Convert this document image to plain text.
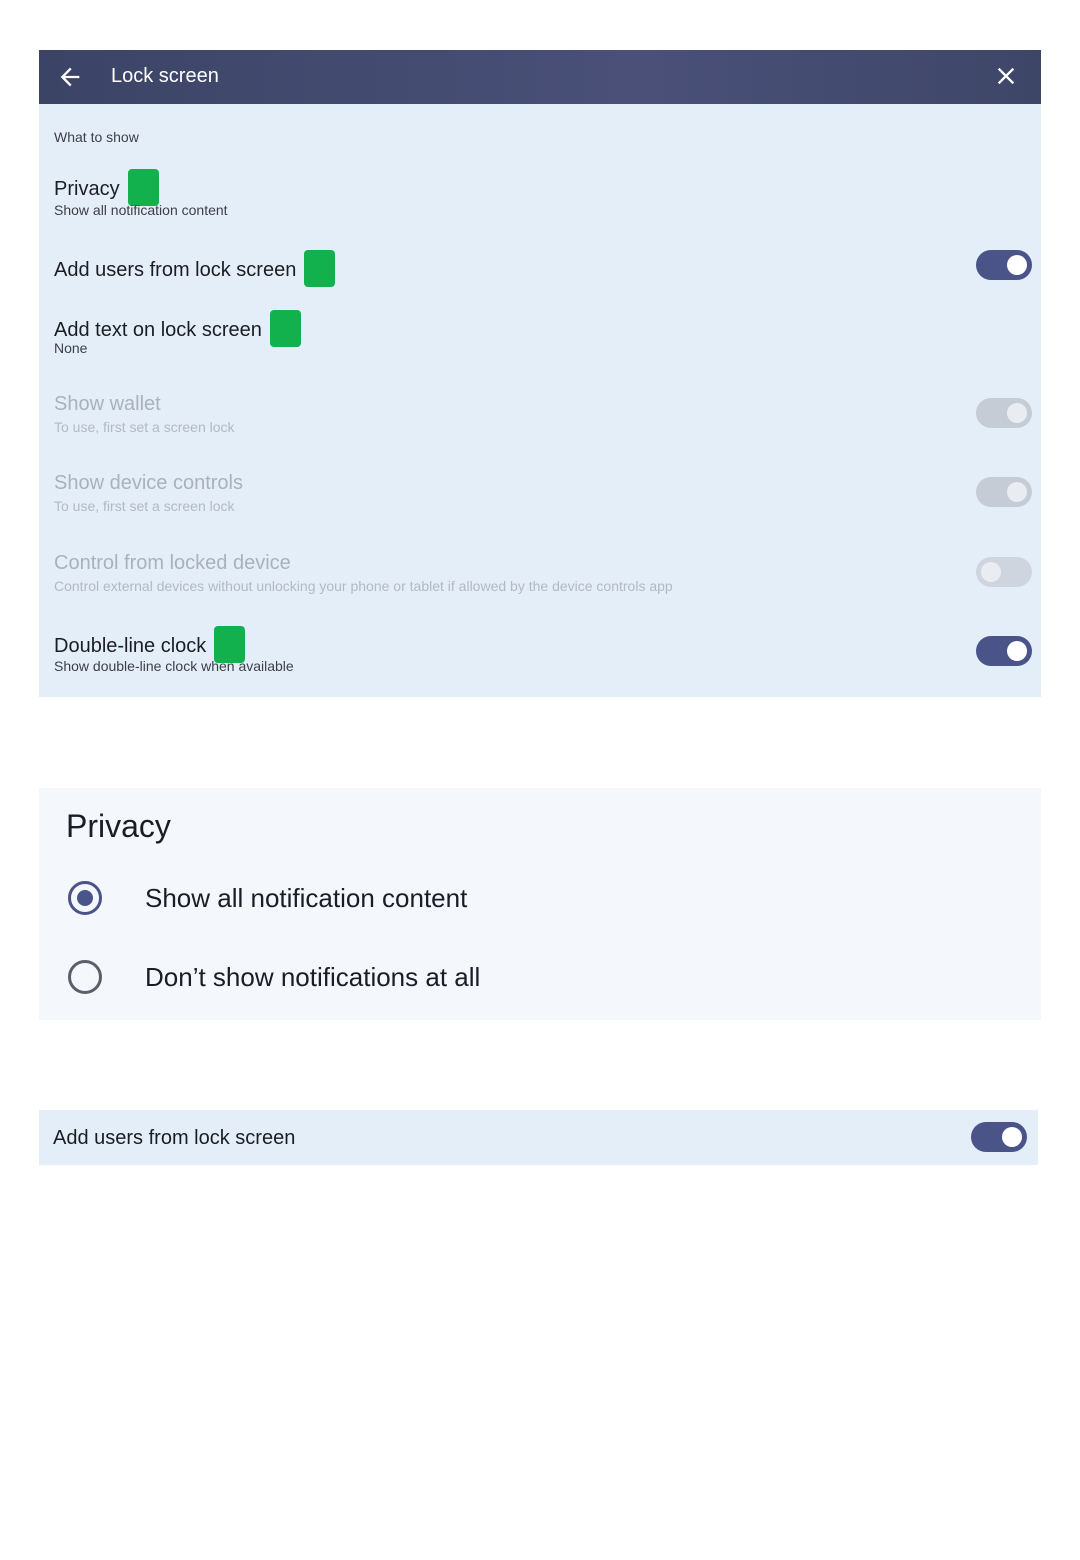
Lock screen
What to show
Privacy
Show all notification content
Add users from lock screen
Add text on lock screen
None
Show wallet
To use, first set a screen lock
Show device controls
To use, first set a screen lock
Control from locked device
Control external devices without unlocking your phone or tablet if allowed by the device controls app
Double-line clock
Show double-line clock when available
Privacy
Show all notification content
Don’t show notifications at all
Add users from lock screen
